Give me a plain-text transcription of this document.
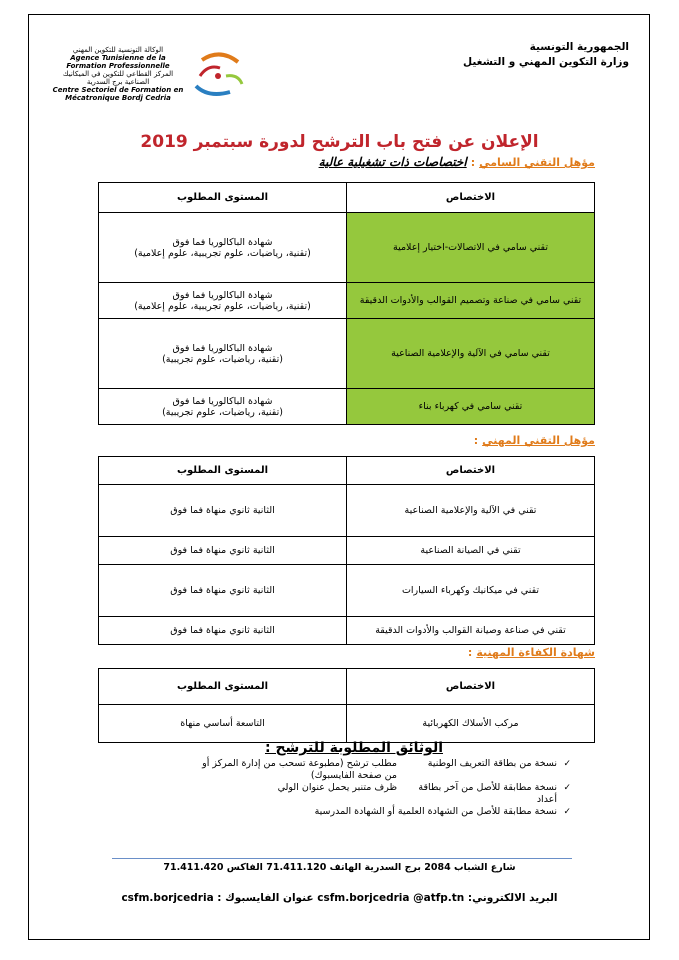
الجمهورية التونسية
وزارة التكوين المهني و التشغيل
الوكالة التونسية للتكوين المهني
Agence Tunisienne de la Formation Professionnelle
المركز القطاعي للتكوين في الميكانيك الصناعية برج السدرية
Centre Sectoriel de Formation en Mécatronique Bordj Cedria
الإعلان عن فتح باب الترشح لدورة سبتمبر 2019
مؤهل التقني السامي:اختصاصات ذات تشغيلية عالية
الاختصاص	المستوى المطلوب
تقني سامي في الاتصالات-اختيار إعلامية	شهادة الباكالوريا فما فوق
(تقنية، رياضيات، علوم تجريبية، علوم إعلامية)

تقني سامي في صناعة وتصميم القوالب والأدوات الدقيقة	شهادة الباكالوريا فما فوق
(تقنية، رياضيات، علوم تجريبية، علوم إعلامية)

تقني سامي في الآلية والإعلامية الصناعية	شهادة الباكالوريا فما فوق
(تقنية، رياضيات، علوم تجريبية)

تقني سامي في كهرباء بناء	شهادة الباكالوريا فما فوق
(تقنية، رياضيات، علوم تجريبية)
مؤهل التقني المهني:
الاختصاص	المستوى المطلوب
تقني في الآلية والإعلامية الصناعية	الثانية ثانوي منهاة فما فوق
تقني في الصيانة الصناعية	الثانية ثانوي منهاة فما فوق
تقني في ميكانيك وكهرباء السيارات	الثانية ثانوي منهاة فما فوق
تقني في صناعة وصيانة القوالب والأدوات الدقيقة	الثانية ثانوي منهاة فما فوق
شهادة الكفاءة المهنية:
الاختصاص	المستوى المطلوب
مركب الأسلاك الكهربائية	التاسعة أساسي منهاة
الوثائق المطلوبة للترشح :
✓
نسخة من بطاقة التعريف الوطنية
مطلب ترشح (مطبوعة تسحب من إدارة المركز أو
من صفحة الفايسبوك)
✓
نسخة مطابقة للأصل من آخر بطاقة أعداد
ظرف متنبر يحمل عنوان الولي
✓
نسخة مطابقة للأصل من الشهادة العلمية أو الشهادة المدرسية
شارع الشباب 2084 برج السدرية الهاتف 71.411.120 الفاكس 71.411.420
البريد الالكتروني: csfm.borjcedria @atfp.tn عنوان الفايسبوك : csfm.borjcedria
